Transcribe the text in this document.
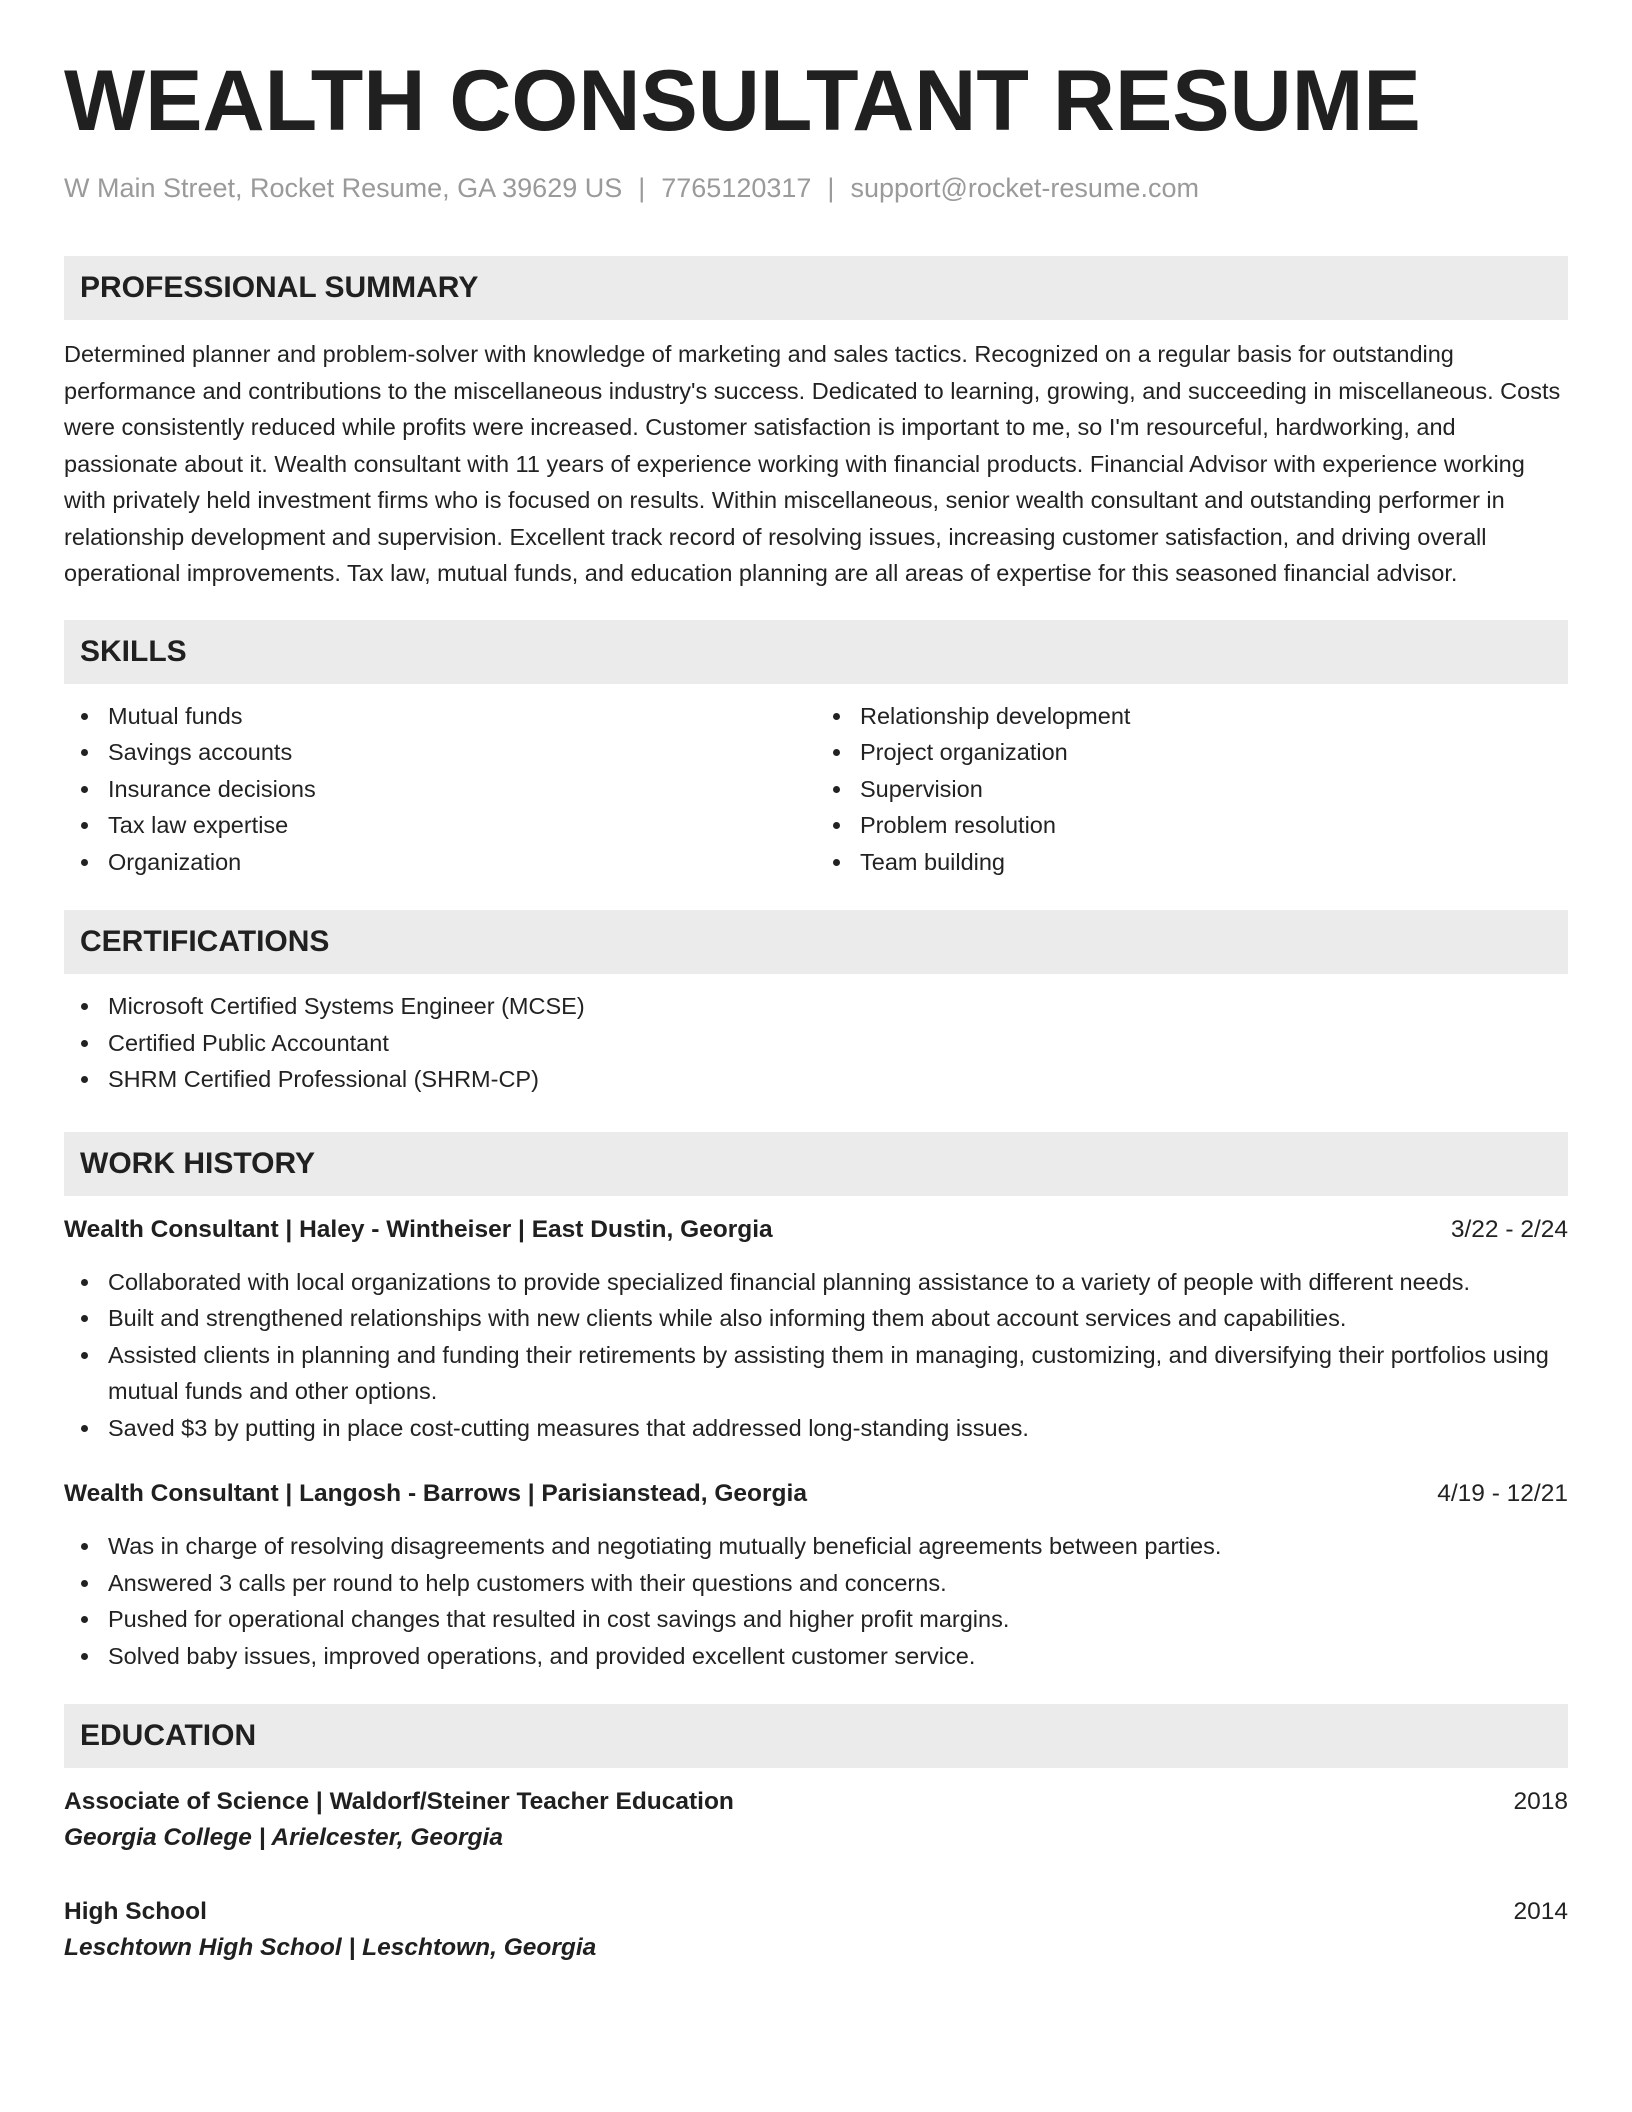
WEALTH CONSULTANT RESUME
W Main Street, Rocket Resume, GA 39629 US | 7765120317 | support@rocket-resume.com
PROFESSIONAL SUMMARY

Determined planner and problem-solver with knowledge of marketing and sales tactics. Recognized on a regular basis for outstanding performance and contributions to the miscellaneous industry's success. Dedicated to learning, growing, and succeeding in miscellaneous. Costs were consistently reduced while profits were increased. Customer satisfaction is important to me, so I'm resourceful, hardworking, and passionate about it. Wealth consultant with 11 years of experience working with financial products. Financial Advisor with experience working with privately held investment firms who is focused on results. Within miscellaneous, senior wealth consultant and outstanding performer in relationship development and supervision. Excellent track record of resolving issues, increasing customer satisfaction, and driving overall operational improvements. Tax law, mutual funds, and education planning are all areas of expertise for this seasoned financial advisor.

SKILLS
Mutual funds
Savings accounts
Insurance decisions
Tax law expertise
Organization
Relationship development
Project organization
Supervision
Problem resolution
Team building
CERTIFICATIONS
Microsoft Certified Systems Engineer (MCSE)
Certified Public Accountant
SHRM Certified Professional (SHRM-CP)
WORK HISTORY
Wealth Consultant | Haley - Wintheiser | East Dustin, Georgia	3/22 - 2/24
Collaborated with local organizations to provide specialized financial planning assistance to a variety of people with different needs.
Built and strengthened relationships with new clients while also informing them about account services and capabilities.
Assisted clients in planning and funding their retirements by assisting them in managing, customizing, and diversifying their portfolios using mutual funds and other options.
Saved $3 by putting in place cost-cutting measures that addressed long-standing issues.
Wealth Consultant | Langosh - Barrows | Parisianstead, Georgia	4/19 - 12/21
Was in charge of resolving disagreements and negotiating mutually beneficial agreements between parties.
Answered 3 calls per round to help customers with their questions and concerns.
Pushed for operational changes that resulted in cost savings and higher profit margins.
Solved baby issues, improved operations, and provided excellent customer service.
EDUCATION
Associate of Science | Waldorf/Steiner Teacher Education	2018
Georgia College | Arielcester, Georgia
High School	2014
Leschtown High School | Leschtown, Georgia
